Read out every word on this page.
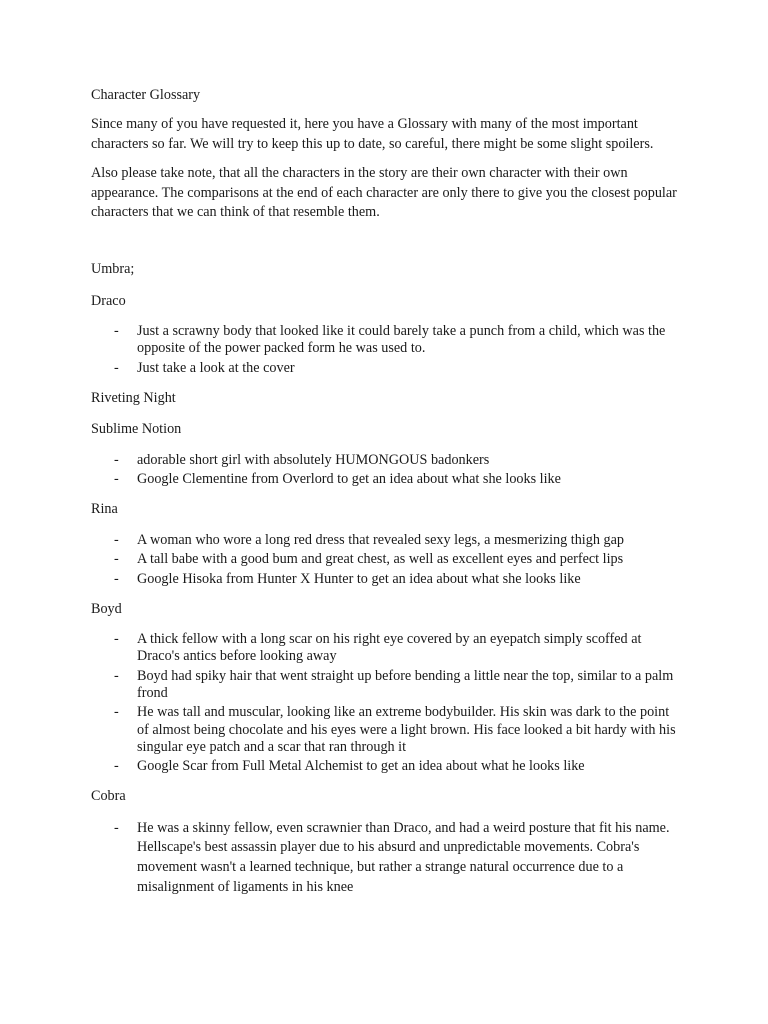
Character Glossary

Since many of you have requested it, here you have a Glossary with many of the most important characters so far. We will try to keep this up to date, so careful, there might be some slight spoilers.

Also please take note, that all the characters in the story are their own character with their own appearance. The comparisons at the end of each character are only there to give you the closest popular characters that we can think of that resemble them.

Umbra;
Draco
- Just a scrawny body that looked like it could barely take a punch from a child, which was the opposite of the power packed form he was used to.
- Just take a look at the cover
Riveting Night
Sublime Notion
- adorable short girl with absolutely HUMONGOUS badonkers
- Google Clementine from Overlord to get an idea about what she looks like
Rina
- A woman who wore a long red dress that revealed sexy legs, a mesmerizing thigh gap
- A tall babe with a good bum and great chest, as well as excellent eyes and perfect lips
- Google Hisoka from Hunter X Hunter to get an idea about what she looks like
Boyd
- A thick fellow with a long scar on his right eye covered by an eyepatch simply scoffed at Draco's antics before looking away
- Boyd had spiky hair that went straight up before bending a little near the top, similar to a palm frond
- He was tall and muscular, looking like an extreme bodybuilder. His skin was dark to the point of almost being chocolate and his eyes were a light brown. His face looked a bit hardy with his singular eye patch and a scar that ran through it
- Google Scar from Full Metal Alchemist to get an idea about what he looks like
Cobra
- He was a skinny fellow, even scrawnier than Draco, and had a weird posture that fit his name. Hellscape's best assassin player due to his absurd and unpredictable movements. Cobra's movement wasn't a learned technique, but rather a strange natural occurrence due to a misalignment of ligaments in his knee
